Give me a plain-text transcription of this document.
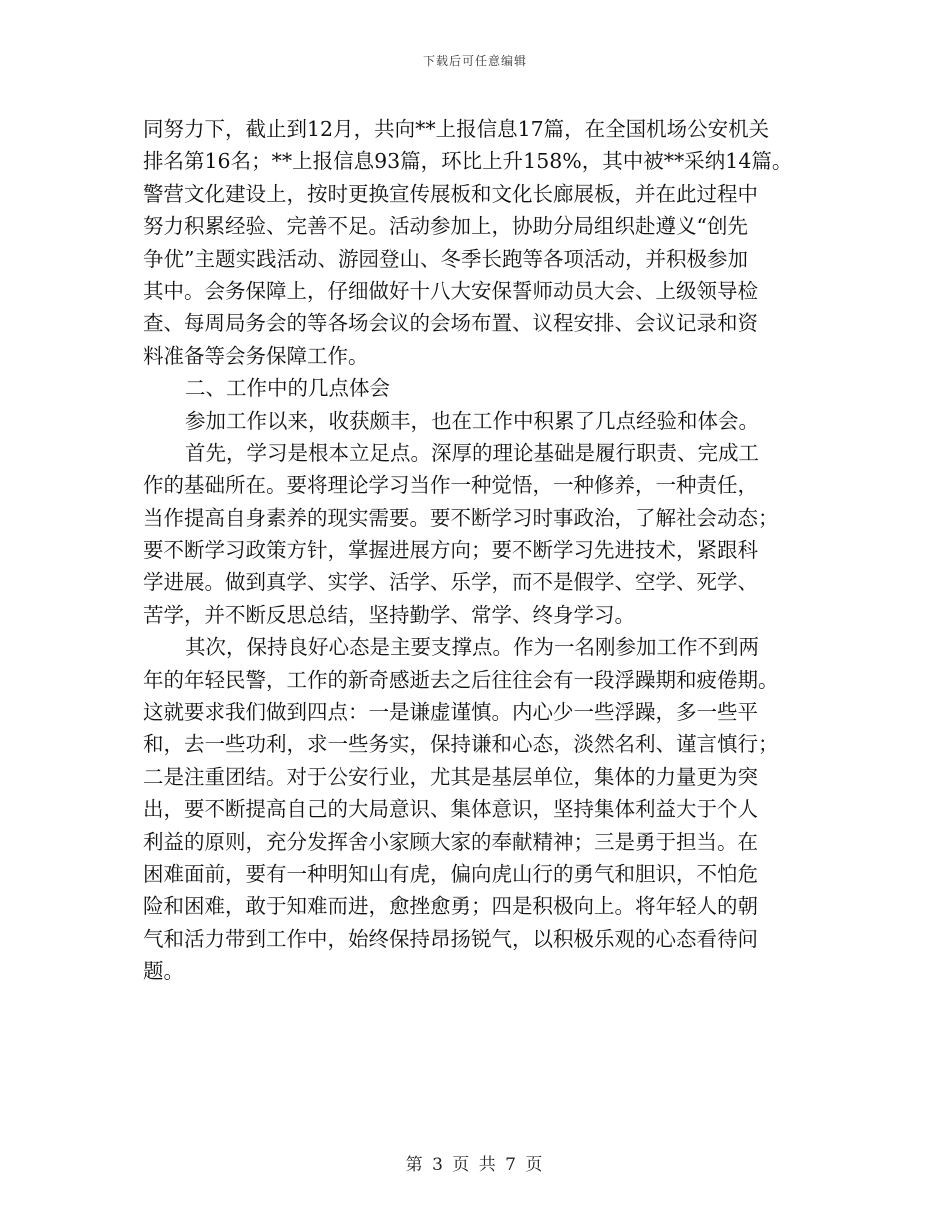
下载后可任意编辑
同努力下，截止到12月，共向**上报信息17篇，在全国机场公安机关
排名第16名；**上报信息93篇，环比上升158%，其中被**采纳14篇。
警营文化建设上，按时更换宣传展板和文化长廊展板，并在此过程中
努力积累经验、完善不足。活动参加上，协助分局组织赴遵义“创先
争优”主题实践活动、游园登山、冬季长跑等各项活动，并积极参加
其中。会务保障上，仔细做好十八大安保誓师动员大会、上级领导检
查、每周局务会的等各场会议的会场布置、议程安排、会议记录和资
料准备等会务保障工作。
二、工作中的几点体会
参加工作以来，收获颇丰，也在工作中积累了几点经验和体会。
首先，学习是根本立足点。深厚的理论基础是履行职责、完成工
作的基础所在。要将理论学习当作一种觉悟，一种修养，一种责任，
当作提高自身素养的现实需要。要不断学习时事政治，了解社会动态；
要不断学习政策方针，掌握进展方向；要不断学习先进技术，紧跟科
学进展。做到真学、实学、活学、乐学，而不是假学、空学、死学、
苦学，并不断反思总结，坚持勤学、常学、终身学习。
其次，保持良好心态是主要支撑点。作为一名刚参加工作不到两
年的年轻民警，工作的新奇感逝去之后往往会有一段浮躁期和疲倦期。
这就要求我们做到四点：一是谦虚谨慎。内心少一些浮躁，多一些平
和，去一些功利，求一些务实，保持谦和心态，淡然名利、谨言慎行；
二是注重团结。对于公安行业，尤其是基层单位，集体的力量更为突
出，要不断提高自己的大局意识、集体意识，坚持集体利益大于个人
利益的原则，充分发挥舍小家顾大家的奉献精神；三是勇于担当。在
困难面前，要有一种明知山有虎，偏向虎山行的勇气和胆识，不怕危
险和困难，敢于知难而进，愈挫愈勇；四是积极向上。将年轻人的朝
气和活力带到工作中，始终保持昂扬锐气，以积极乐观的心态看待问
题。
第 3 页 共 7 页
